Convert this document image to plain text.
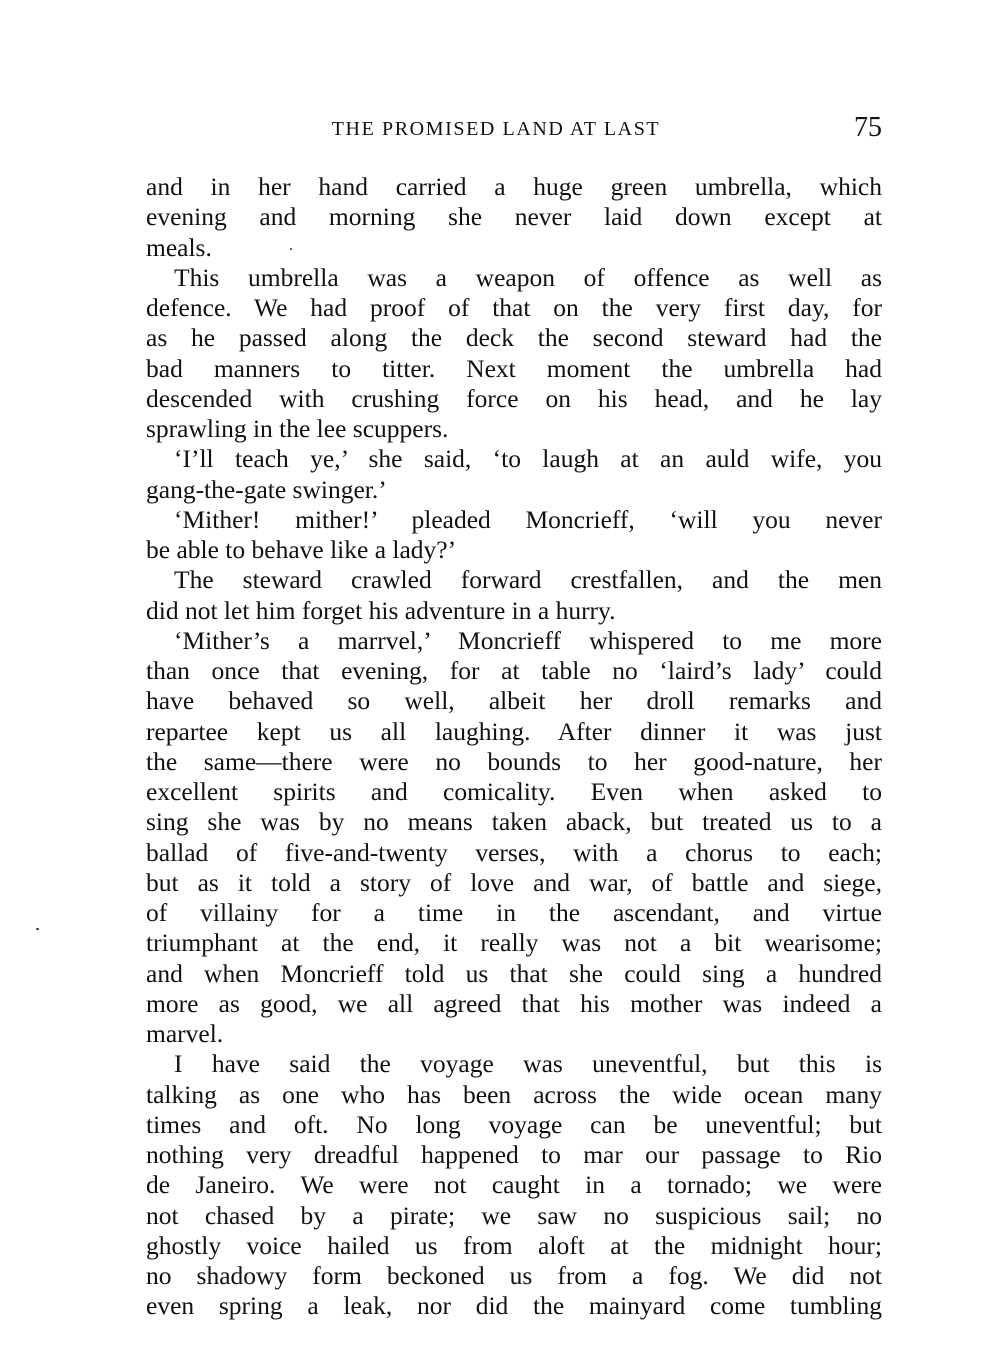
THE PROMISED LAND AT LAST	75
and in her hand carried a huge green umbrella, which
evening and morning she never laid down except at
meals.
This umbrella was a weapon of offence as well as
defence. We had proof of that on the very first day, for
as he passed along the deck the second steward had the
bad manners to titter. Next moment the umbrella had
descended with crushing force on his head, and he lay
sprawling in the lee scuppers.
‘I’ll teach ye,’ she said, ‘to laugh at an auld wife, you
gang-the-gate swinger.’
‘Mither! mither!’ pleaded Moncrieff, ‘will you never
be able to behave like a lady?’
The steward crawled forward crestfallen, and the men
did not let him forget his adventure in a hurry.
‘Mither’s a marrvel,’ Moncrieff whispered to me more
than once that evening, for at table no ‘laird’s lady’ could
have behaved so well, albeit her droll remarks and
repartee kept us all laughing. After dinner it was just
the same—there were no bounds to her good-nature, her
excellent spirits and comicality. Even when asked to
sing she was by no means taken aback, but treated us to a
ballad of five-and-twenty verses, with a chorus to each;
but as it told a story of love and war, of battle and siege,
of villainy for a time in the ascendant, and virtue
triumphant at the end, it really was not a bit wearisome;
and when Moncrieff told us that she could sing a hundred
more as good, we all agreed that his mother was indeed a
marvel.
I have said the voyage was uneventful, but this is
talking as one who has been across the wide ocean many
times and oft. No long voyage can be uneventful; but
nothing very dreadful happened to mar our passage to Rio
de Janeiro. We were not caught in a tornado; we were
not chased by a pirate; we saw no suspicious sail; no
ghostly voice hailed us from aloft at the midnight hour;
no shadowy form beckoned us from a fog. We did not
even spring a leak, nor did the mainyard come tumbling
